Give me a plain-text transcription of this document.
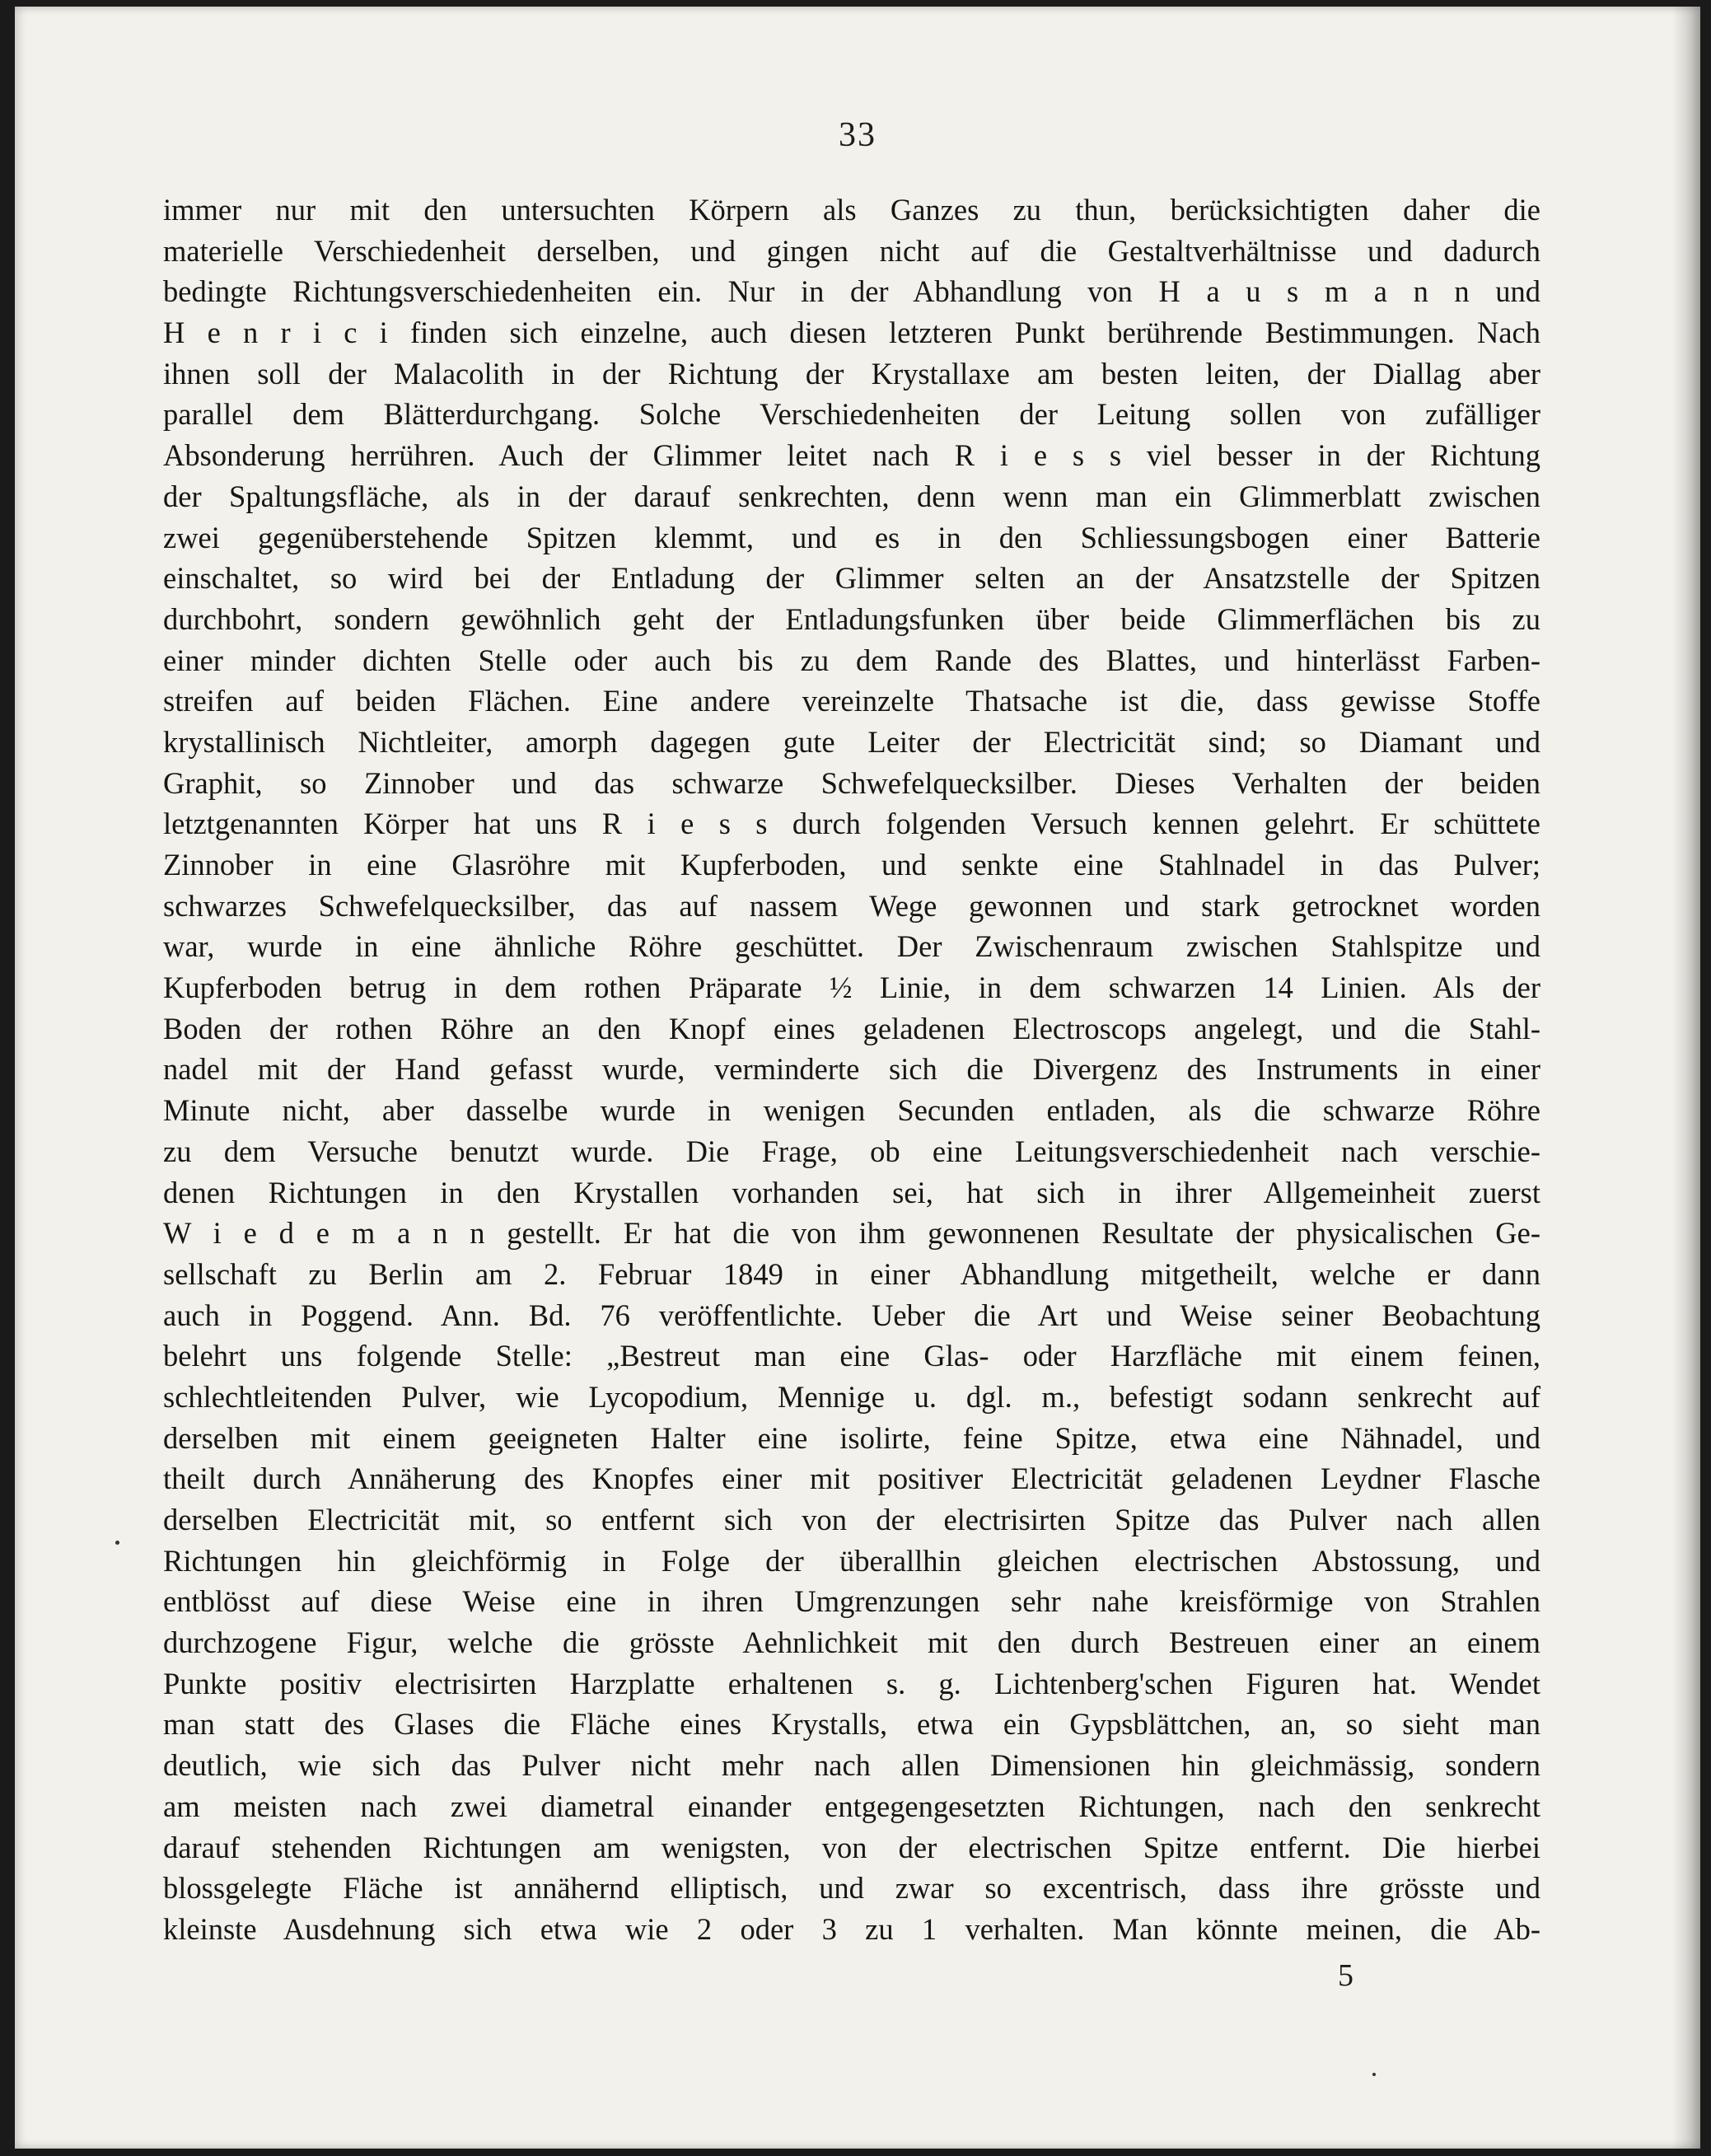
33
immer nur mit den untersuchten Körpern als Ganzes zu thun, berücksichtigten daher die
materielle Verschiedenheit derselben, und gingen nicht auf die Gestaltverhältnisse und dadurch
bedingte Richtungsverschiedenheiten ein. Nur in der Abhandlung von H a u s m a n n und
H e n r i c i finden sich einzelne, auch diesen letzteren Punkt berührende Bestimmungen. Nach
ihnen soll der Malacolith in der Richtung der Krystallaxe am besten leiten, der Diallag aber
parallel dem Blätterdurchgang. Solche Verschiedenheiten der Leitung sollen von zufälliger
Absonderung herrühren. Auch der Glimmer leitet nach R i e s s viel besser in der Richtung
der Spaltungsfläche, als in der darauf senkrechten, denn wenn man ein Glimmerblatt zwischen
zwei gegenüberstehende Spitzen klemmt, und es in den Schliessungsbogen einer Batterie
einschaltet, so wird bei der Entladung der Glimmer selten an der Ansatzstelle der Spitzen
durchbohrt, sondern gewöhnlich geht der Entladungsfunken über beide Glimmerflächen bis zu
einer minder dichten Stelle oder auch bis zu dem Rande des Blattes, und hinterlässt Farben-
streifen auf beiden Flächen. Eine andere vereinzelte Thatsache ist die, dass gewisse Stoffe
krystallinisch Nichtleiter, amorph dagegen gute Leiter der Electricität sind; so Diamant und
Graphit, so Zinnober und das schwarze Schwefelquecksilber. Dieses Verhalten der beiden
letztgenannten Körper hat uns R i e s s durch folgenden Versuch kennen gelehrt. Er schüttete
Zinnober in eine Glasröhre mit Kupferboden, und senkte eine Stahlnadel in das Pulver;
schwarzes Schwefelquecksilber, das auf nassem Wege gewonnen und stark getrocknet worden
war, wurde in eine ähnliche Röhre geschüttet. Der Zwischenraum zwischen Stahlspitze und
Kupferboden betrug in dem rothen Präparate ½ Linie, in dem schwarzen 14 Linien. Als der
Boden der rothen Röhre an den Knopf eines geladenen Electroscops angelegt, und die Stahl-
nadel mit der Hand gefasst wurde, verminderte sich die Divergenz des Instruments in einer
Minute nicht, aber dasselbe wurde in wenigen Secunden entladen, als die schwarze Röhre
zu dem Versuche benutzt wurde. Die Frage, ob eine Leitungsverschiedenheit nach verschie-
denen Richtungen in den Krystallen vorhanden sei, hat sich in ihrer Allgemeinheit zuerst
W i e d e m a n n gestellt. Er hat die von ihm gewonnenen Resultate der physicalischen Ge-
sellschaft zu Berlin am 2. Februar 1849 in einer Abhandlung mitgetheilt, welche er dann
auch in Poggend. Ann. Bd. 76 veröffentlichte. Ueber die Art und Weise seiner Beobachtung
belehrt uns folgende Stelle: „Bestreut man eine Glas- oder Harzfläche mit einem feinen,
schlechtleitenden Pulver, wie Lycopodium, Mennige u. dgl. m., befestigt sodann senkrecht auf
derselben mit einem geeigneten Halter eine isolirte, feine Spitze, etwa eine Nähnadel, und
theilt durch Annäherung des Knopfes einer mit positiver Electricität geladenen Leydner Flasche
derselben Electricität mit, so entfernt sich von der electrisirten Spitze das Pulver nach allen
Richtungen hin gleichförmig in Folge der überallhin gleichen electrischen Abstossung, und
entblösst auf diese Weise eine in ihren Umgrenzungen sehr nahe kreisförmige von Strahlen
durchzogene Figur, welche die grösste Aehnlichkeit mit den durch Bestreuen einer an einem
Punkte positiv electrisirten Harzplatte erhaltenen s. g. Lichtenberg'schen Figuren hat. Wendet
man statt des Glases die Fläche eines Krystalls, etwa ein Gypsblättchen, an, so sieht man
deutlich, wie sich das Pulver nicht mehr nach allen Dimensionen hin gleichmässig, sondern
am meisten nach zwei diametral einander entgegengesetzten Richtungen, nach den senkrecht
darauf stehenden Richtungen am wenigsten, von der electrischen Spitze entfernt. Die hierbei
blossgelegte Fläche ist annähernd elliptisch, und zwar so excentrisch, dass ihre grösste und
kleinste Ausdehnung sich etwa wie 2 oder 3 zu 1 verhalten. Man könnte meinen, die Ab-
5
